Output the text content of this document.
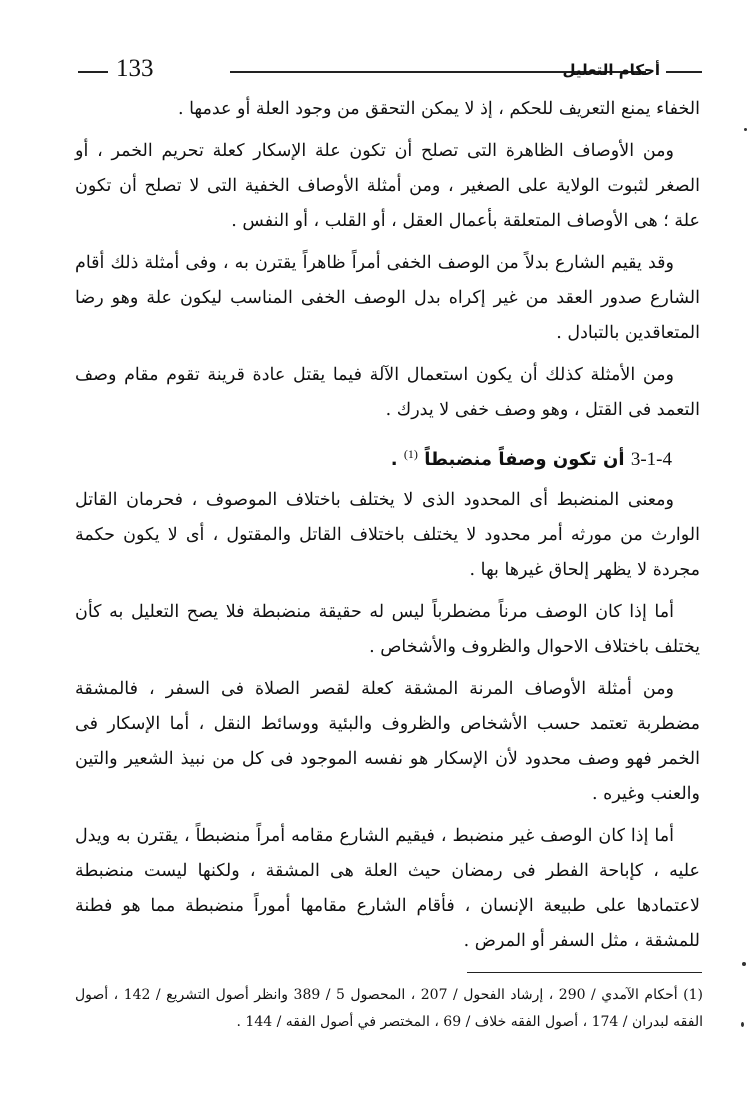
133	أحكام التعليل

الخفاء يمنع التعريف للحكم ، إذ لا يمكن التحقق من وجود العلة أو عدمها .

ومن الأوصاف الظاهرة التى تصلح أن تكون علة الإسكار كعلة تحريم الخمر ، أو الصغر لثبوت الولاية على الصغير ، ومن أمثلة الأوصاف الخفية التى لا تصلح أن تكون علة ؛ هى الأوصاف المتعلقة بأعمال العقل ، أو القلب ، أو النفس .

وقد يقيم الشارع بدلاً من الوصف الخفى أمراً ظاهراً يقترن به ، وفى أمثلة ذلك أقام الشارع صدور العقد من غير إكراه بدل الوصف الخفى المناسب ليكون علة وهو رضا المتعاقدين بالتبادل .

ومن الأمثلة كذلك أن يكون استعمال الآلة فيما يقتل عادة قرينة تقوم مقام وصف التعمد فى القتل ، وهو وصف خفى لا يدرك .

3-1-4 أن تكون وصفاً منضبطاً $^{(1)}$ .

ومعنى المنضبط أى المحدود الذى لا يختلف باختلاف الموصوف ، فحرمان القاتل الوارث من مورثه أمر محدود لا يختلف باختلاف القاتل والمقتول ، أى لا يكون حكمة مجردة لا يظهر إلحاق غيرها بها .

أما إذا كان الوصف مرناً مضطرباً ليس له حقيقة منضبطة فلا يصح التعليل به كأن يختلف باختلاف الاحوال والظروف والأشخاص .

ومن أمثلة الأوصاف المرنة المشقة كعلة لقصر الصلاة فى السفر ، فالمشقة مضطربة تعتمد حسب الأشخاص والظروف والبئية ووسائط النقل ، أما الإسكار فى الخمر فهو وصف محدود لأن الإسكار هو نفسه الموجود فى كل من نبيذ الشعير والتين والعنب وغيره .

أما إذا كان الوصف غير منضبط ، فيقيم الشارع مقامه أمراً منضبطاً ، يقترن به ويدل عليه ، كإباحة الفطر فى رمضان حيث العلة هى المشقة ، ولكنها ليست منضبطة لاعتمادها على طبيعة الإنسان ، فأقام الشارع مقامها أموراً منضبطة مما هو فطنة للمشقة ، مثل السفر أو المرض .

(1) أحكام الآمدي / 290 ، إرشاد الفحول / 207 ، المحصول 5 / 389 وانظر أصول التشريع / 142 ، أصول الفقه لبدران / 174 ، أصول الفقه خلاف / 69 ، المختصر في أصول الفقه / 144 .
